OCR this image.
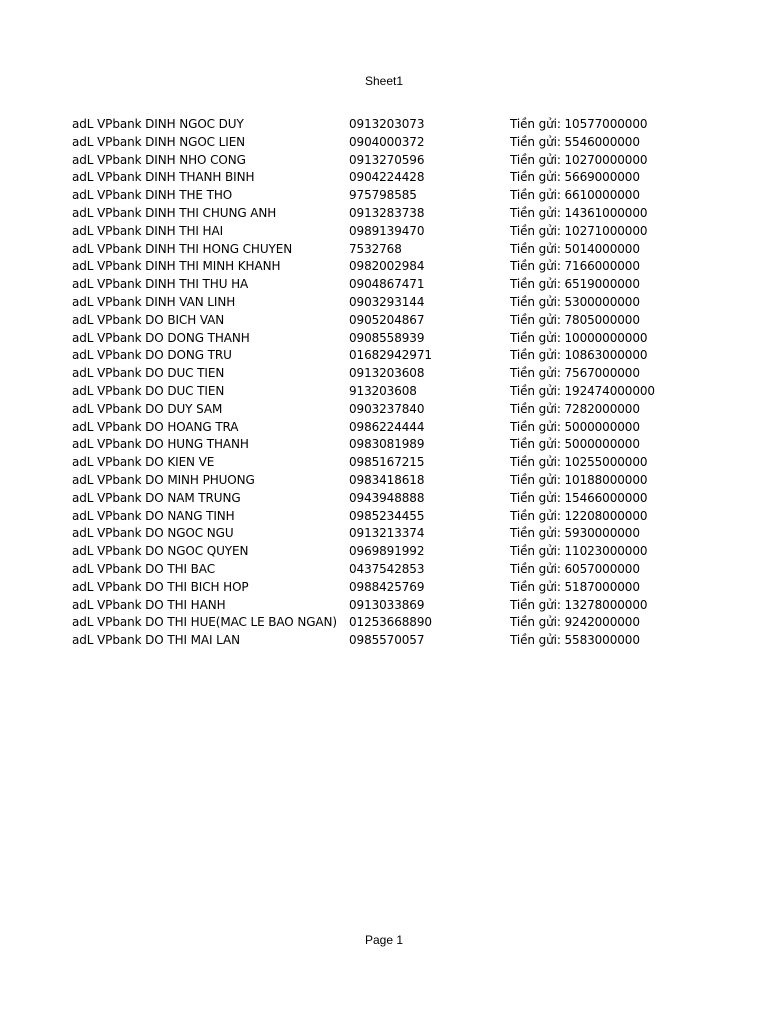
Sheet1
adL VPbank DINH NGOC DUY	0913203073	Tiền gửi: 10577000000
adL VPbank DINH NGOC LIEN	0904000372	Tiền gửi: 5546000000
adL VPbank DINH NHO CONG	0913270596	Tiền gửi: 10270000000
adL VPbank DINH THANH BINH	0904224428	Tiền gửi: 5669000000
adL VPbank DINH THE THO	975798585	Tiền gửi: 6610000000
adL VPbank DINH THI CHUNG ANH	0913283738	Tiền gửi: 14361000000
adL VPbank DINH THI HAI	0989139470	Tiền gửi: 10271000000
adL VPbank DINH THI HONG CHUYEN	7532768	Tiền gửi: 5014000000
adL VPbank DINH THI MINH KHANH	0982002984	Tiền gửi: 7166000000
adL VPbank DINH THI THU HA	0904867471	Tiền gửi: 6519000000
adL VPbank DINH VAN LINH	0903293144	Tiền gửi: 5300000000
adL VPbank DO BICH VAN	0905204867	Tiền gửi: 7805000000
adL VPbank DO DONG THANH	0908558939	Tiền gửi: 10000000000
adL VPbank DO DONG TRU	01682942971	Tiền gửi: 10863000000
adL VPbank DO DUC TIEN	0913203608	Tiền gửi: 7567000000
adL VPbank DO DUC TIEN	913203608	Tiền gửi: 192474000000
adL VPbank DO DUY SAM	0903237840	Tiền gửi: 7282000000
adL VPbank DO HOANG TRA	0986224444	Tiền gửi: 5000000000
adL VPbank DO HUNG THANH	0983081989	Tiền gửi: 5000000000
adL VPbank DO KIEN VE	0985167215	Tiền gửi: 10255000000
adL VPbank DO MINH PHUONG	0983418618	Tiền gửi: 10188000000
adL VPbank DO NAM TRUNG	0943948888	Tiền gửi: 15466000000
adL VPbank DO NANG TINH	0985234455	Tiền gửi: 12208000000
adL VPbank DO NGOC NGU	0913213374	Tiền gửi: 5930000000
adL VPbank DO NGOC QUYEN	0969891992	Tiền gửi: 11023000000
adL VPbank DO THI BAC	0437542853	Tiền gửi: 6057000000
adL VPbank DO THI BICH HOP	0988425769	Tiền gửi: 5187000000
adL VPbank DO THI HANH	0913033869	Tiền gửi: 13278000000
adL VPbank DO THI HUE(MAC LE BAO NGAN) 01253668890	Tiền gửi: 9242000000
adL VPbank DO THI MAI LAN	0985570057	Tiền gửi: 5583000000
Page 1
